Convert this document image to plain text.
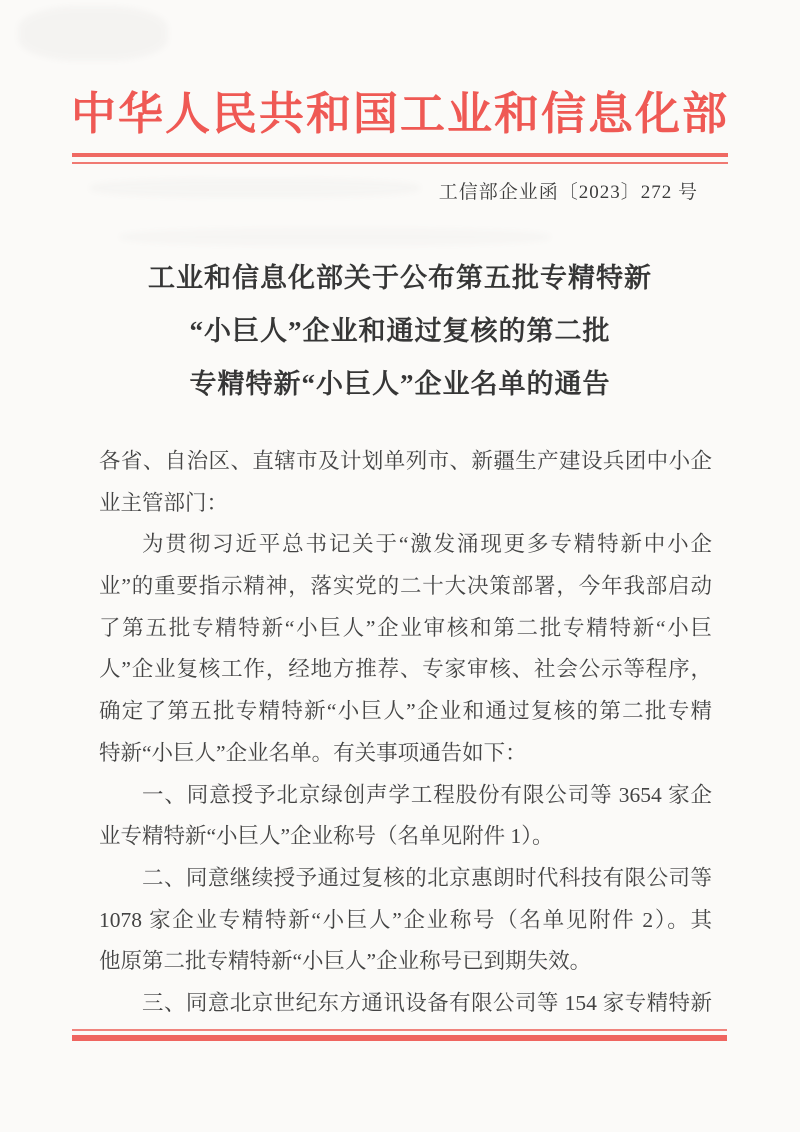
中华人民共和国工业和信息化部
工信部企业函〔2023〕272 号
工业和信息化部关于公布第五批专精特新
“小巨人”企业和通过复核的第二批
专精特新“小巨人”企业名单的通告
各省、自治区、直辖市及计划单列市、新疆生产建设兵团中小企
业主管部门：
为贯彻习近平总书记关于“激发涌现更多专精特新中小企
业”的重要指示精神，落实党的二十大决策部署，今年我部启动
了第五批专精特新“小巨人”企业审核和第二批专精特新“小巨
人”企业复核工作，经地方推荐、专家审核、社会公示等程序，
确定了第五批专精特新“小巨人”企业和通过复核的第二批专精
特新“小巨人”企业名单。有关事项通告如下：
一、同意授予北京绿创声学工程股份有限公司等 3654 家企
业专精特新“小巨人”企业称号（名单见附件 1）。
二、同意继续授予通过复核的北京惠朗时代科技有限公司等
1078 家企业专精特新“小巨人”企业称号（名单见附件 2）。其
他原第二批专精特新“小巨人”企业称号已到期失效。
三、同意北京世纪东方通讯设备有限公司等 154 家专精特新
